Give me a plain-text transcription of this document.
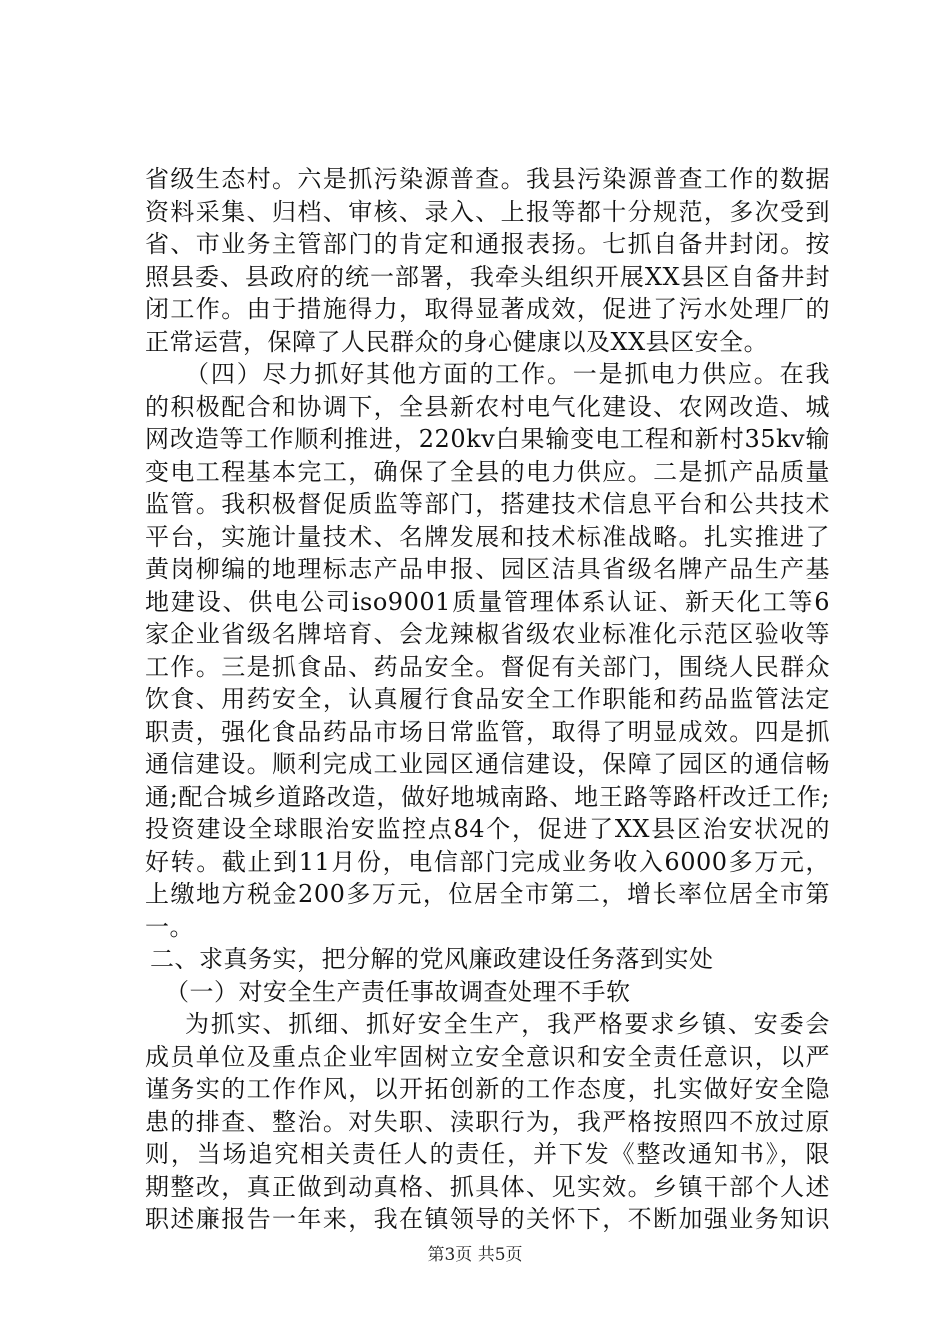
省级生态村。六是抓污染源普查。我县污染源普查工作的数据
资料采集、归档、审核、录入、上报等都十分规范，多次受到
省、市业务主管部门的肯定和通报表扬。七抓自备井封闭。按
照县委、县政府的统一部署，我牵头组织开展XX县区自备井封
闭工作。由于措施得力，取得显著成效，促进了污水处理厂的
正常运营，保障了人民群众的身心健康以及XX县区安全。
（四）尽力抓好其他方面的工作。一是抓电力供应。在我
的积极配合和协调下，全县新农村电气化建设、农网改造、城
网改造等工作顺利推进，220kv白果输变电工程和新村35kv输
变电工程基本完工，确保了全县的电力供应。二是抓产品质量
监管。我积极督促质监等部门，搭建技术信息平台和公共技术
平台，实施计量技术、名牌发展和技术标准战略。扎实推进了
黄岗柳编的地理标志产品申报、园区洁具省级名牌产品生产基
地建设、供电公司iso9001质量管理体系认证、新天化工等6
家企业省级名牌培育、会龙辣椒省级农业标准化示范区验收等
工作。三是抓食品、药品安全。督促有关部门，围绕人民群众
饮食、用药安全，认真履行食品安全工作职能和药品监管法定
职责，强化食品药品市场日常监管，取得了明显成效。四是抓
通信建设。顺利完成工业园区通信建设，保障了园区的通信畅
通;配合城乡道路改造，做好地城南路、地王路等路杆改迁工作;
投资建设全球眼治安监控点84个，促进了XX县区治安状况的
好转。截止到11月份，电信部门完成业务收入6000多万元，
上缴地方税金200多万元，位居全市第二，增长率位居全市第
一。
二、求真务实，把分解的党风廉政建设任务落到实处
（一）对安全生产责任事故调查处理不手软
为抓实、抓细、抓好安全生产，我严格要求乡镇、安委会
成员单位及重点企业牢固树立安全意识和安全责任意识，以严
谨务实的工作作风，以开拓创新的工作态度，扎实做好安全隐
患的排查、整治。对失职、渎职行为，我严格按照四不放过原
则，当场追究相关责任人的责任，并下发《整改通知书》，限
期整改，真正做到动真格、抓具体、见实效。乡镇干部个人述
职述廉报告一年来，我在镇领导的关怀下，不断加强业务知识
第3页 共5页
